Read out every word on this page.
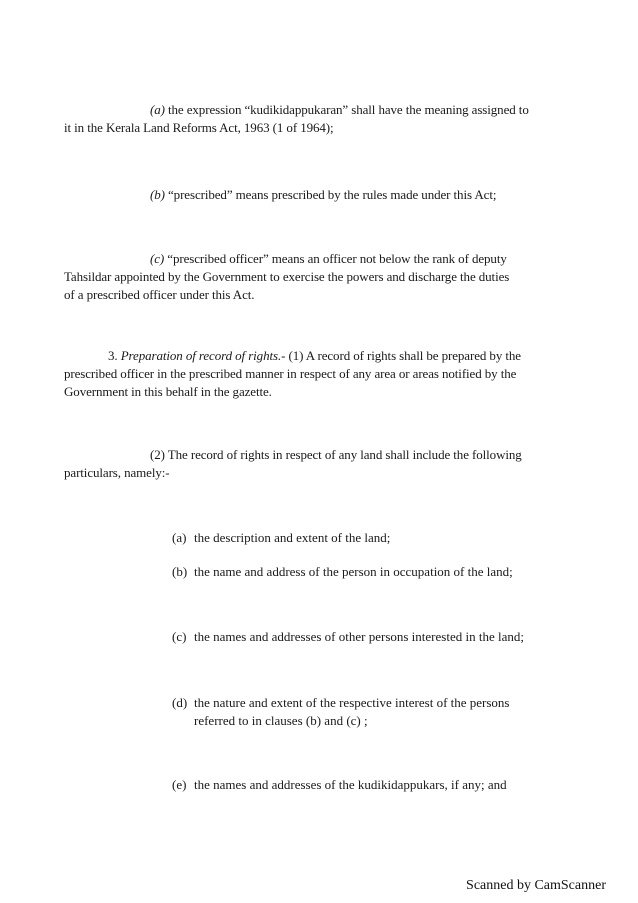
(a) the expression “kudikidappukaran” shall have the meaning assigned to
it in the Kerala Land Reforms Act, 1963 (1 of 1964);

(b) “prescribed” means prescribed by the rules made under this Act;

(c) “prescribed officer” means an officer not below the rank of deputy
Tahsildar appointed by the Government to exercise the powers and discharge the duties
of a prescribed officer under this Act.

3. Preparation of record of rights.- (1) A record of rights shall be prepared by the
prescribed officer in the prescribed manner in respect of any area or areas notified by the
Government in this behalf in the gazette.

(2) The record of rights in respect of any land shall include the following
particulars, namely:-

(a) the description and extent of the land;

(b) the name and address of the person in occupation of the land;

(c) the names and addresses of other persons interested in the land;

(d) the nature and extent of the respective interest of the persons
referred to in clauses (b) and (c) ;

(e) the names and addresses of the kudikidappukars, if any; and

Scanned by CamScanner
